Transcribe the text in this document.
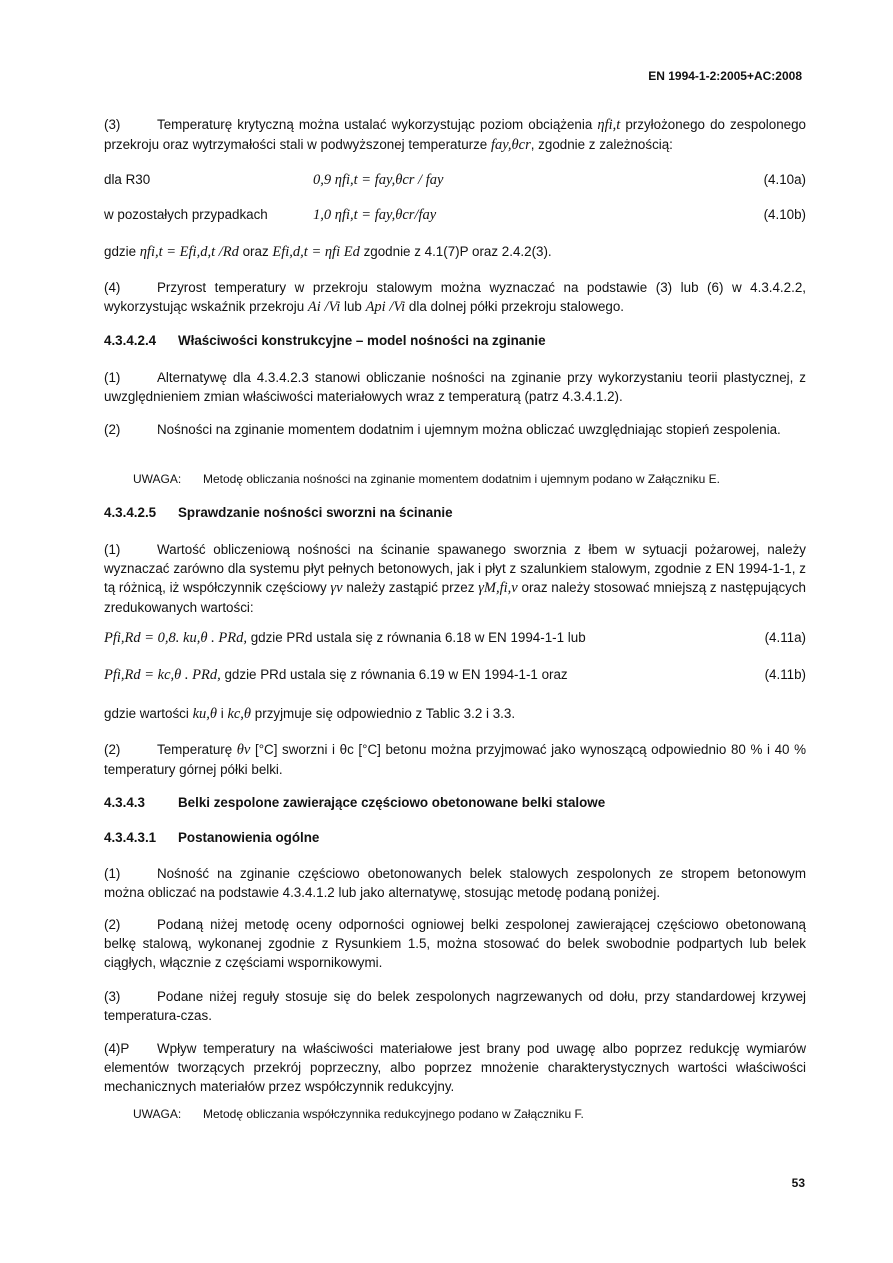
EN 1994-1-2:2005+AC:2008
(3)	Temperaturę krytyczną można ustalać wykorzystując poziom obciążenia ηfi,t przyłożonego do zespolonego przekroju oraz wytrzymałości stali w podwyższonej temperaturze fay,θcr, zgodnie z zależnością:
dla R30	0,9 ηfi,t = fay,θcr / fay	(4.10a)
w pozostałych przypadkach	1,0 ηfi,t = fay,θcr/fay	(4.10b)
gdzie ηfi,t = Efi,d,t /Rd oraz Efi,d,t = ηfi Ed zgodnie z 4.1(7)P oraz 2.4.2(3).
(4)	Przyrost temperatury w przekroju stalowym można wyznaczać na podstawie (3) lub (6) w 4.3.4.2.2, wykorzystując wskaźnik przekroju Ai /Vi lub Api /Vi dla dolnej półki przekroju stalowego.
4.3.4.2.4 Właściwości konstrukcyjne – model nośności na zginanie
(1)	Alternatywę dla 4.3.4.2.3 stanowi obliczanie nośności na zginanie przy wykorzystaniu teorii plastycznej, z uwzględnieniem zmian właściwości materiałowych wraz z temperaturą (patrz 4.3.4.1.2).
(2)	Nośności na zginanie momentem dodatnim i ujemnym można obliczać uwzględniając stopień zespolenia.
UWAGA: Metodę obliczania nośności na zginanie momentem dodatnim i ujemnym podano w Załączniku E.
4.3.4.2.5 Sprawdzanie nośności sworzni na ścinanie
(1)	Wartość obliczeniową nośności na ścinanie spawanego sworznia z łbem w sytuacji pożarowej, należy wyznaczać zarówno dla systemu płyt pełnych betonowych, jak i płyt z szalunkiem stalowym, zgodnie z EN 1994-1-1, z tą różnicą, iż współczynnik częściowy γv należy zastąpić przez γM,fi,v oraz należy stosować mniejszą z następujących zredukowanych wartości:
Pfi,Rd = 0,8. ku,θ . PRd, gdzie PRd ustala się z równania 6.18 w EN 1994-1-1 lub	(4.11a)
Pfi,Rd = kc,θ . PRd, gdzie PRd ustala się z równania 6.19 w EN 1994-1-1 oraz	(4.11b)
gdzie wartości ku,θ i kc,θ przyjmuje się odpowiednio z Tablic 3.2 i 3.3.
(2)	Temperaturę θv [°C] sworzni i θc [°C] betonu można przyjmować jako wynoszącą odpowiednio 80 % i 40 % temperatury górnej półki belki.
4.3.4.3 Belki zespolone zawierające częściowo obetonowane belki stalowe
4.3.4.3.1 Postanowienia ogólne
(1)	Nośność na zginanie częściowo obetonowanych belek stalowych zespolonych ze stropem betonowym można obliczać na podstawie 4.3.4.1.2 lub jako alternatywę, stosując metodę podaną poniżej.
(2)	Podaną niżej metodę oceny odporności ogniowej belki zespolonej zawierającej częściowo obetonowaną belkę stalową, wykonanej zgodnie z Rysunkiem 1.5, można stosować do belek swobodnie podpartych lub belek ciągłych, włącznie z częściami wspornikowymi.
(3)	Podane niżej reguły stosuje się do belek zespolonych nagrzewanych od dołu, przy standardowej krzywej temperatura-czas.
(4)P Wpływ temperatury na właściwości materiałowe jest brany pod uwagę albo poprzez redukcję wymiarów elementów tworzących przekrój poprzeczny, albo poprzez mnożenie charakterystycznych wartości właściwości mechanicznych materiałów przez współczynnik redukcyjny.
UWAGA: Metodę obliczania współczynnika redukcyjnego podano w Załączniku F.
53
